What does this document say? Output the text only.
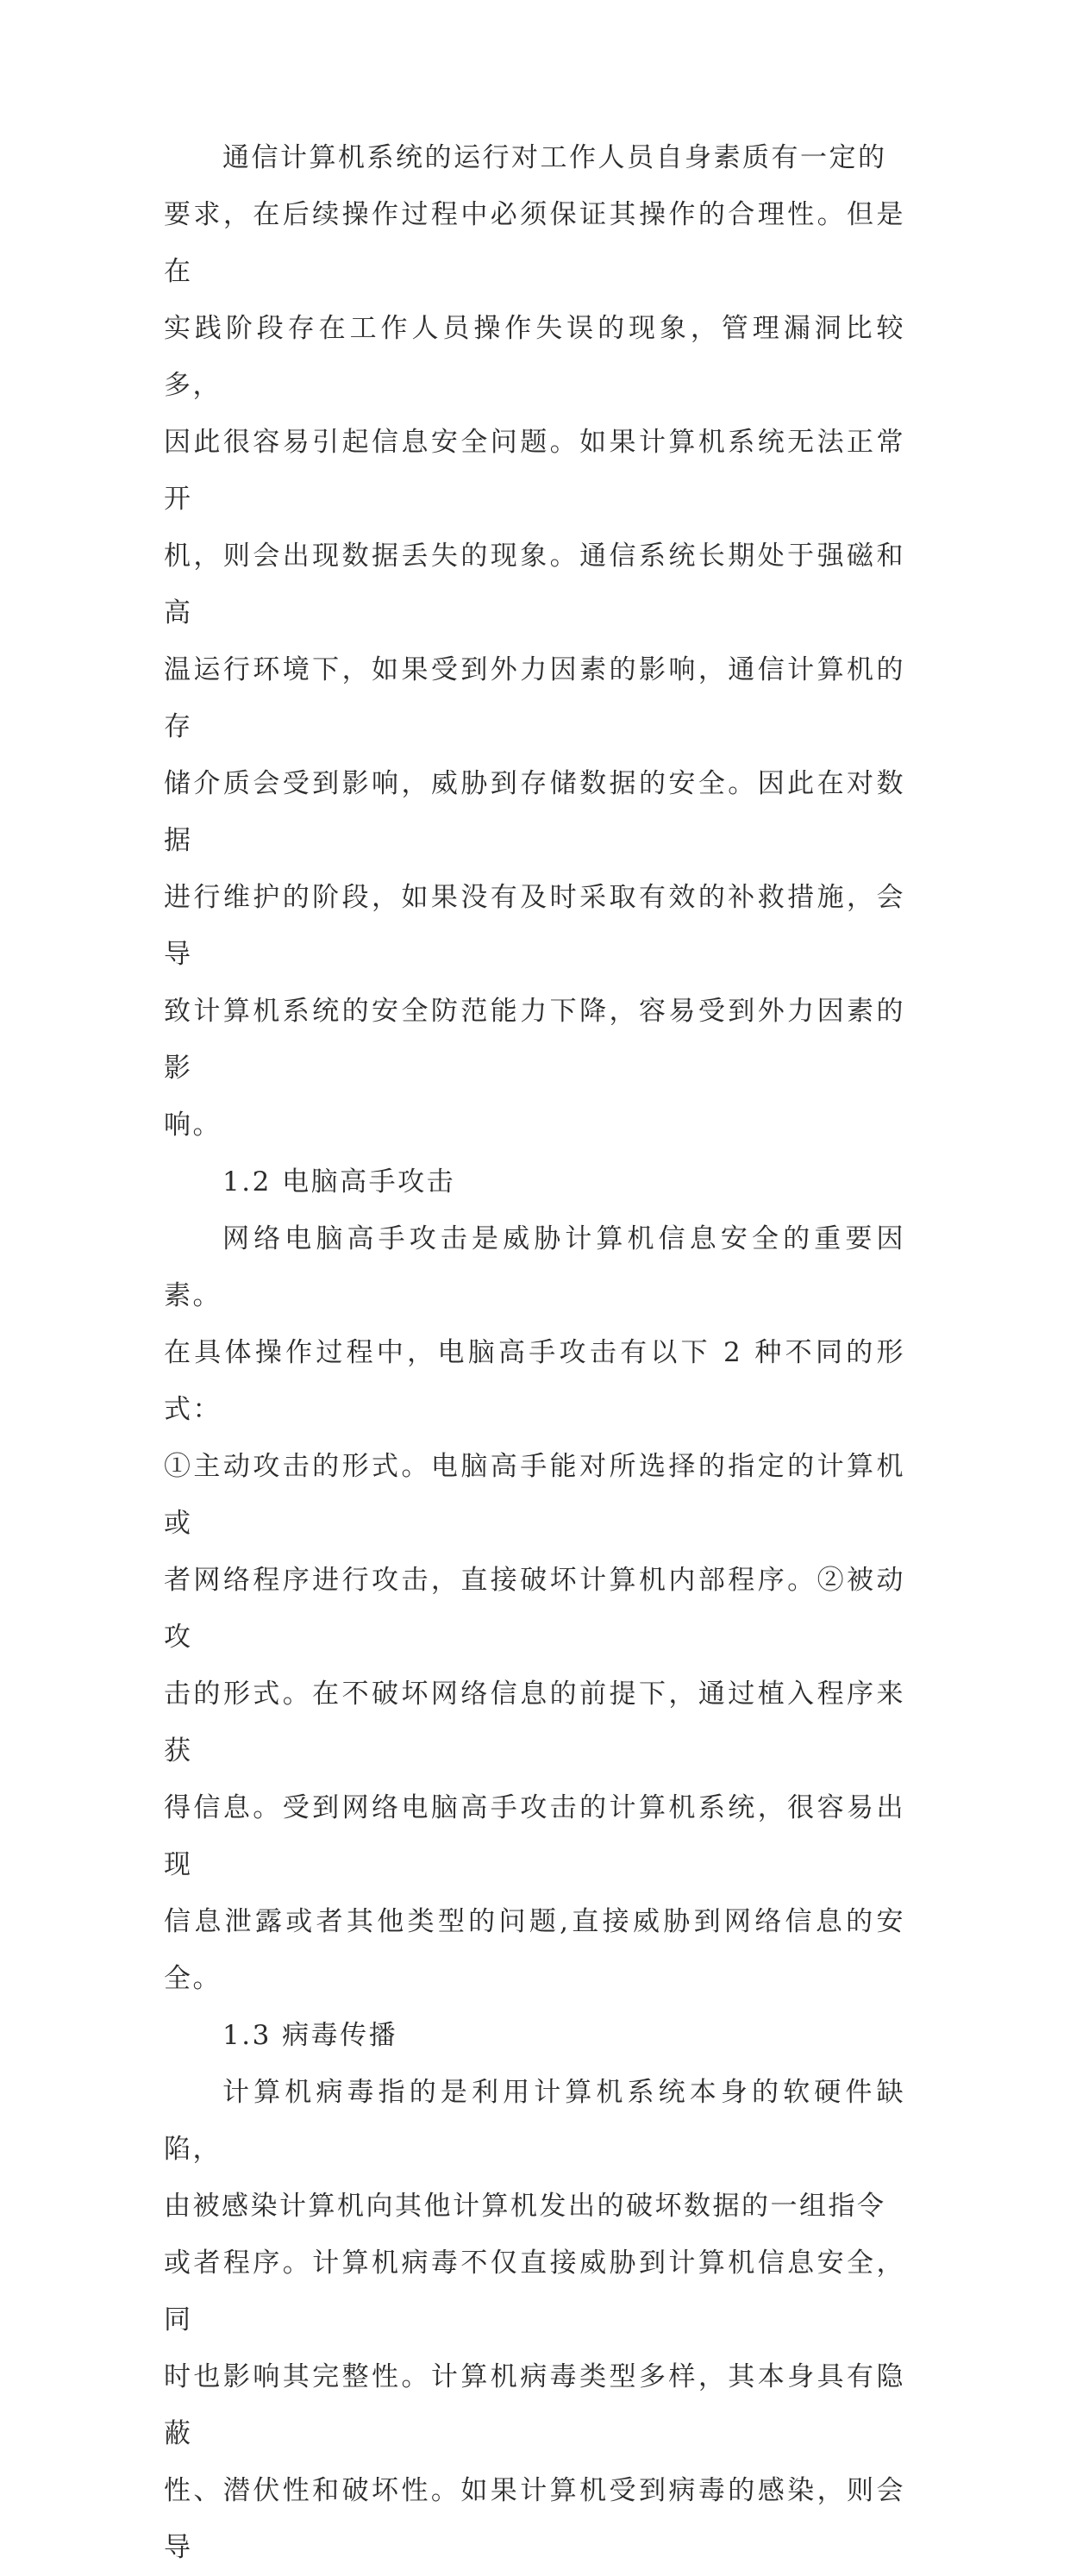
通信计算机系统的运行对工作人员自身素质有一定的
要求，在后续操作过程中必须保证其操作的合理性。但是在
实践阶段存在工作人员操作失误的现象，管理漏洞比较多，
因此很容易引起信息安全问题。如果计算机系统无法正常开
机，则会出现数据丢失的现象。通信系统长期处于强磁和高
温运行环境下，如果受到外力因素的影响，通信计算机的存
储介质会受到影响，威胁到存储数据的安全。因此在对数据
进行维护的阶段，如果没有及时采取有效的补救措施，会导
致计算机系统的安全防范能力下降，容易受到外力因素的影
响。

1.2 电脑高手攻击

网络电脑高手攻击是威胁计算机信息安全的重要因素。
在具体操作过程中，电脑高手攻击有以下 2 种不同的形式：
①主动攻击的形式。电脑高手能对所选择的指定的计算机或
者网络程序进行攻击，直接破坏计算机内部程序。②被动攻
击的形式。在不破坏网络信息的前提下，通过植入程序来获
得信息。受到网络电脑高手攻击的计算机系统，很容易出现
信息泄露或者其他类型的问题,直接威胁到网络信息的安全。

1.3 病毒传播

计算机病毒指的是利用计算机系统本身的软硬件缺陷，
由被感染计算机向其他计算机发出的破坏数据的一组指令
或者程序。计算机病毒不仅直接威胁到计算机信息安全，同
时也影响其完整性。计算机病毒类型多样，其本身具有隐蔽
性、潜伏性和破坏性。如果计算机受到病毒的感染，则会导
